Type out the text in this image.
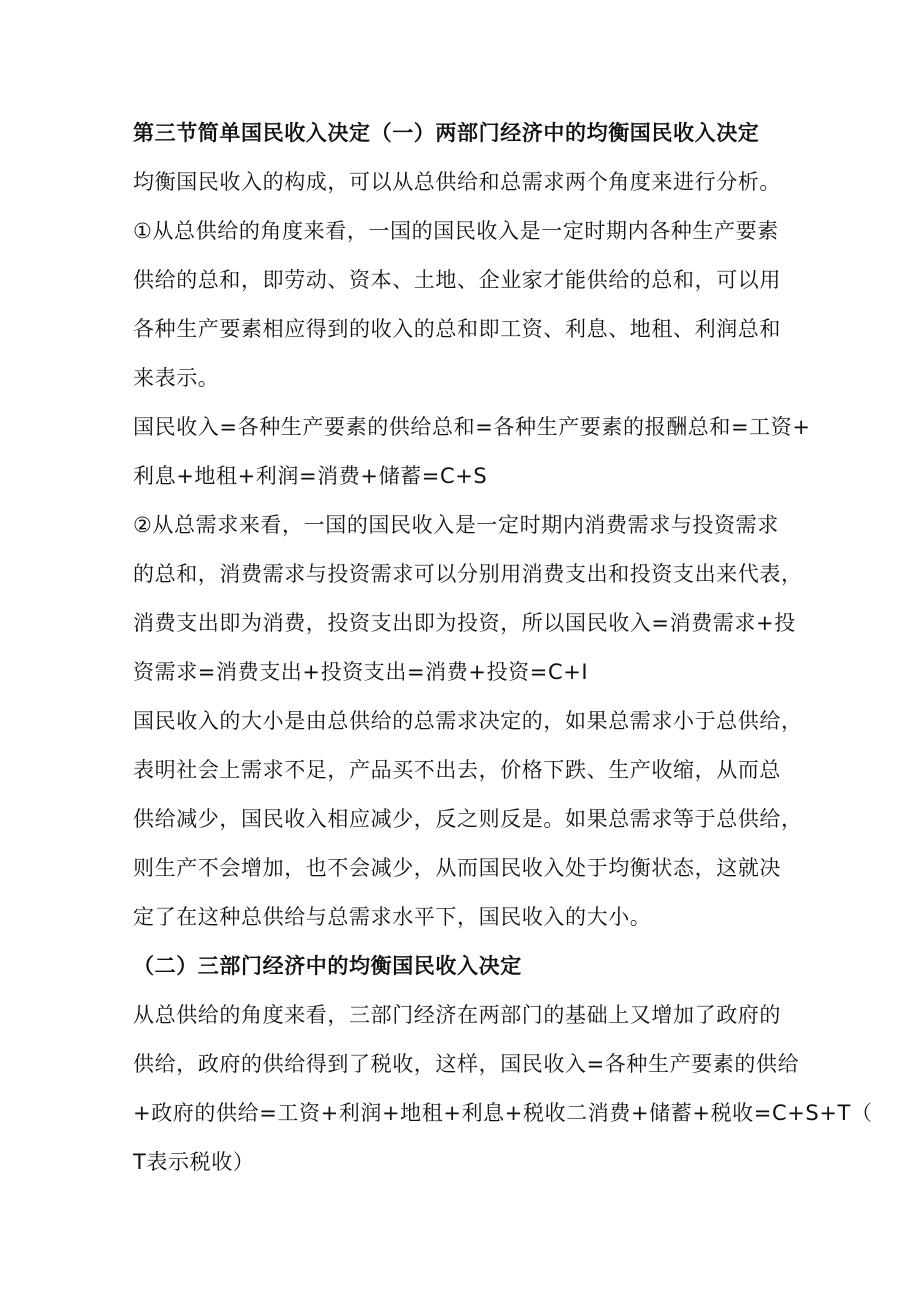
第三节简单国民收入决定（一）两部门经济中的均衡国民收入决定
均衡国民收入的构成，可以从总供给和总需求两个角度来进行分析。
①从总供给的角度来看，一国的国民收入是一定时期内各种生产要素
供给的总和，即劳动、资本、土地、企业家才能供给的总和，可以用
各种生产要素相应得到的收入的总和即工资、利息、地租、利润总和
来表示。
国民收入=各种生产要素的供给总和=各种生产要素的报酬总和=工资+
利息+地租+利润=消费+储蓄=C+S
②从总需求来看，一国的国民收入是一定时期内消费需求与投资需求
的总和，消费需求与投资需求可以分别用消费支出和投资支出来代表，
消费支出即为消费，投资支出即为投资，所以国民收入=消费需求+投
资需求=消费支出+投资支出=消费+投资=C+I
国民收入的大小是由总供给的总需求决定的，如果总需求小于总供给，
表明社会上需求不足，产品买不出去，价格下跌、生产收缩，从而总
供给减少，国民收入相应减少，反之则反是。如果总需求等于总供给，
则生产不会增加，也不会减少，从而国民收入处于均衡状态，这就决
定了在这种总供给与总需求水平下，国民收入的大小。
（二）三部门经济中的均衡国民收入决定
从总供给的角度来看，三部门经济在两部门的基础上又增加了政府的
供给，政府的供给得到了税收，这样，国民收入=各种生产要素的供给
+政府的供给=工资+利润+地租+利息+税收二消费+储蓄+税收=C+S+T（
T表示税收）
